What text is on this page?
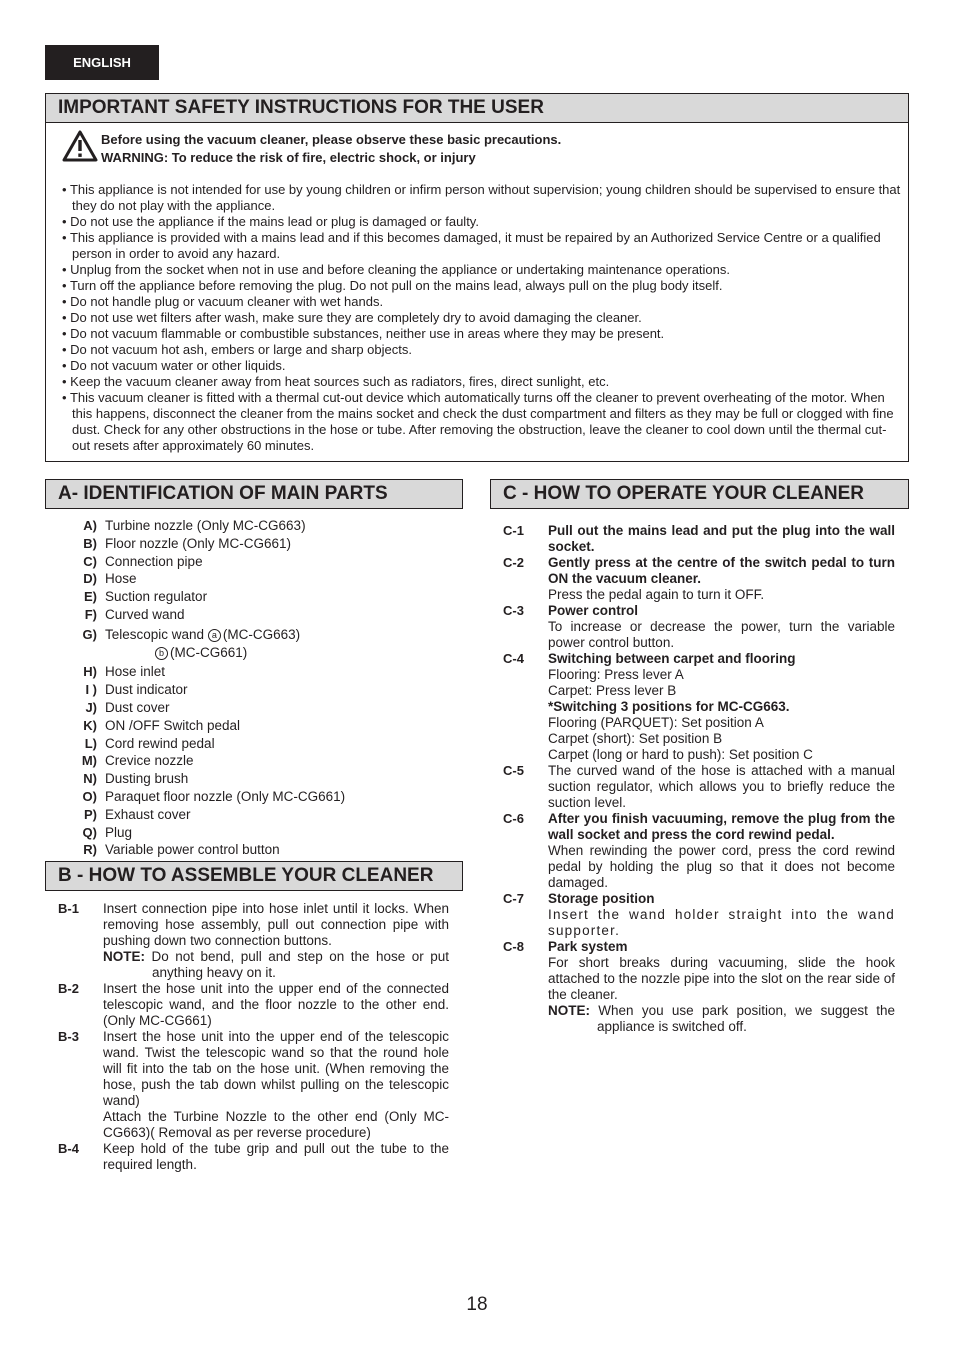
ENGLISH
IMPORTANT SAFETY INSTRUCTIONS FOR THE USER
Before using the vacuum cleaner, please observe these basic precautions.
WARNING: To reduce the risk of fire, electric shock, or injury
• This appliance is not intended for use by young children or infirm person without supervision; young children should be supervised to ensure that they do not play with the appliance.
• Do not use the appliance if the mains lead or plug is damaged or faulty.
• This appliance is provided with a mains lead and if this becomes damaged, it must be repaired by an Authorized Service Centre or a qualified person in order to avoid any hazard.
• Unplug from the socket when not in use and before cleaning the appliance or undertaking maintenance operations.
• Turn off the appliance before removing the plug. Do not pull on the mains lead, always pull on the plug body itself.
• Do not handle plug or vacuum cleaner with wet hands.
• Do not use wet filters after wash, make sure they are completely dry to avoid damaging the cleaner.
• Do not vacuum flammable or combustible substances, neither use in areas where they may be present.
• Do not vacuum hot ash, embers or large and sharp objects.
• Do not vacuum water or other liquids.
• Keep the vacuum cleaner away from heat sources such as radiators, fires, direct sunlight, etc.
• This vacuum cleaner is fitted with a thermal cut-out device which automatically turns off the cleaner to prevent overheating of the motor. When this happens, disconnect the cleaner from the mains socket and check the dust compartment and filters as they may be full or clogged with fine dust. Check for any other obstructions in the hose or tube. After removing the obstruction, leave the cleaner to cool down until the thermal cut-out resets after approximately 60 minutes.
A- IDENTIFICATION OF MAIN PARTS
A) Turbine nozzle (Only MC-CG663)
B) Floor nozzle (Only MC-CG661)
C) Connection pipe
D) Hose
E) Suction regulator
F) Curved wand
G) Telescopic wand a (MC-CG663)
b (MC-CG661)
H) Hose inlet
I ) Dust indicator
J) Dust cover
K) ON /OFF Switch pedal
L) Cord rewind pedal
M) Crevice nozzle
N) Dusting brush
O) Paraquet floor nozzle (Only MC-CG661)
P) Exhaust cover
Q) Plug
R) Variable power control button
B - HOW TO ASSEMBLE YOUR CLEANER
B-1	Insert connection pipe into hose inlet until it locks. When removing hose assembly, pull out connection pipe with pushing down two connection buttons.

NOTE: Do not bend, pull and step on the hose or put anything heavy on it.

B-2	Insert the hose unit into the upper end of the connected telescopic wand, and the floor nozzle to the other end. (Only MC-CG661)

B-3	Insert the hose unit into the upper end of the telescopic wand. Twist the telescopic wand so that the round hole will fit into the tab on the hose unit. (When removing the hose, push the tab down whilst pulling on the telescopic wand)

Attach the Turbine Nozzle to the other end (Only MC-CG663)( Removal as per reverse procedure)

B-4	Keep hold of the tube grip and pull out the tube to the required length.

C - HOW TO OPERATE YOUR CLEANER
C-1	Pull out the mains lead and put the plug into the wall socket.

C-2	Gently press at the centre of the switch pedal to turn ON the vacuum cleaner.

Press the pedal again to turn it OFF.

C-3	Power control

To increase or decrease the power, turn the variable power control button.

C-4	Switching between carpet and flooring

Flooring: Press lever A

Carpet: Press lever B

*Switching 3 positions for MC-CG663.

Flooring (PARQUET): Set position A

Carpet (short): Set position B

Carpet (long or hard to push): Set position C

C-5	The curved wand of the hose is attached with a manual suction regulator, which allows you to briefly reduce the suction level.

C-6	After you finish vacuuming, remove the plug from the wall socket and press the cord rewind pedal.

When rewinding the power cord, press the cord rewind pedal by holding the plug so that it does not become damaged.

C-7	Storage position

Insert the wand holder straight into the wand supporter.

C-8	Park system

For short breaks during vacuuming, slide the hook attached to the nozzle pipe into the slot on the rear side of the cleaner.

NOTE: When you use park position, we suggest the appliance is switched off.

18
